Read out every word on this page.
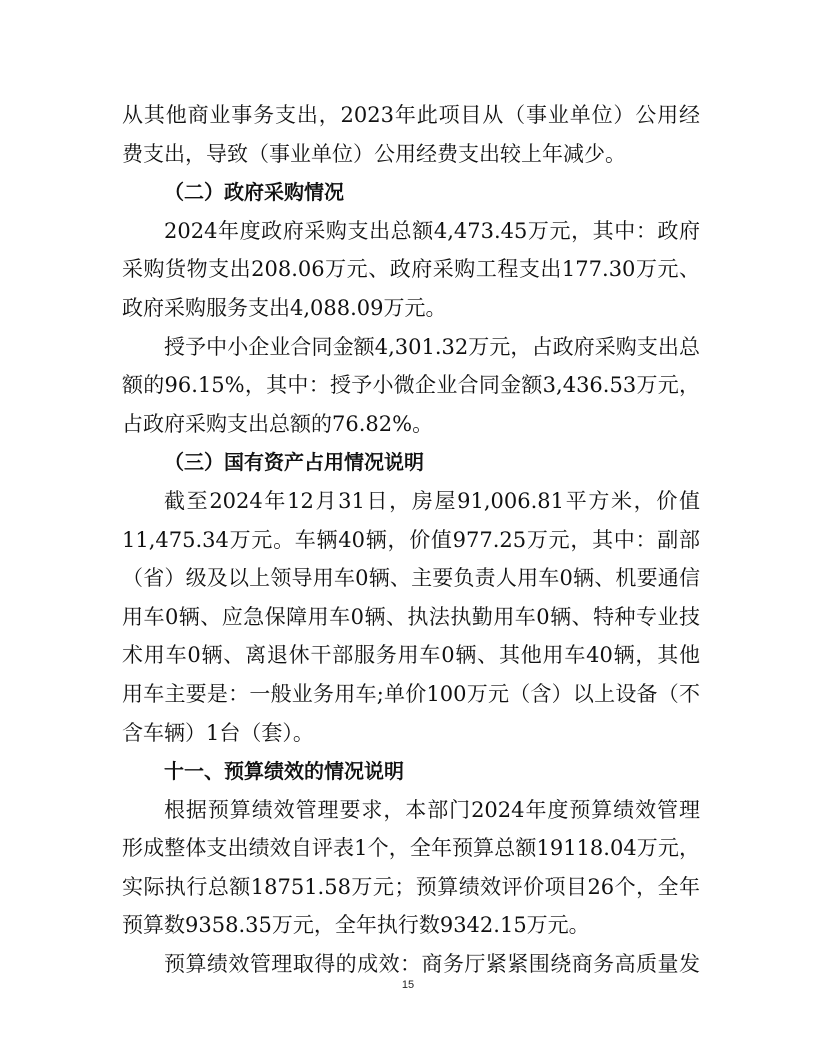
从其他商业事务支出，2023年此项目从（事业单位）公用经费支出，导致（事业单位）公用经费支出较上年减少。

（二）政府采购情况

2024年度政府采购支出总额4,473.45万元，其中：政府采购货物支出208.06万元、政府采购工程支出177.30万元、政府采购服务支出4,088.09万元。

授予中小企业合同金额4,301.32万元，占政府采购支出总额的96.15%，其中：授予小微企业合同金额3,436.53万元，占政府采购支出总额的76.82%。

（三）国有资产占用情况说明

截至2024年12月31日，房屋91,006.81平方米，价值11,475.34万元。车辆40辆，价值977.25万元，其中：副部（省）级及以上领导用车0辆、主要负责人用车0辆、机要通信用车0辆、应急保障用车0辆、执法执勤用车0辆、特种专业技术用车0辆、离退休干部服务用车0辆、其他用车40辆，其他用车主要是：一般业务用车;单价100万元（含）以上设备（不含车辆）1台（套）。

十一、预算绩效的情况说明

根据预算绩效管理要求，本部门2024年度预算绩效管理形成整体支出绩效自评表1个，全年预算总额19118.04万元，实际执行总额18751.58万元；预算绩效评价项目26个，全年预算数9358.35万元，全年执行数9342.15万元。

预算绩效管理取得的成效：商务厅紧紧围绕商务高质量发

15
